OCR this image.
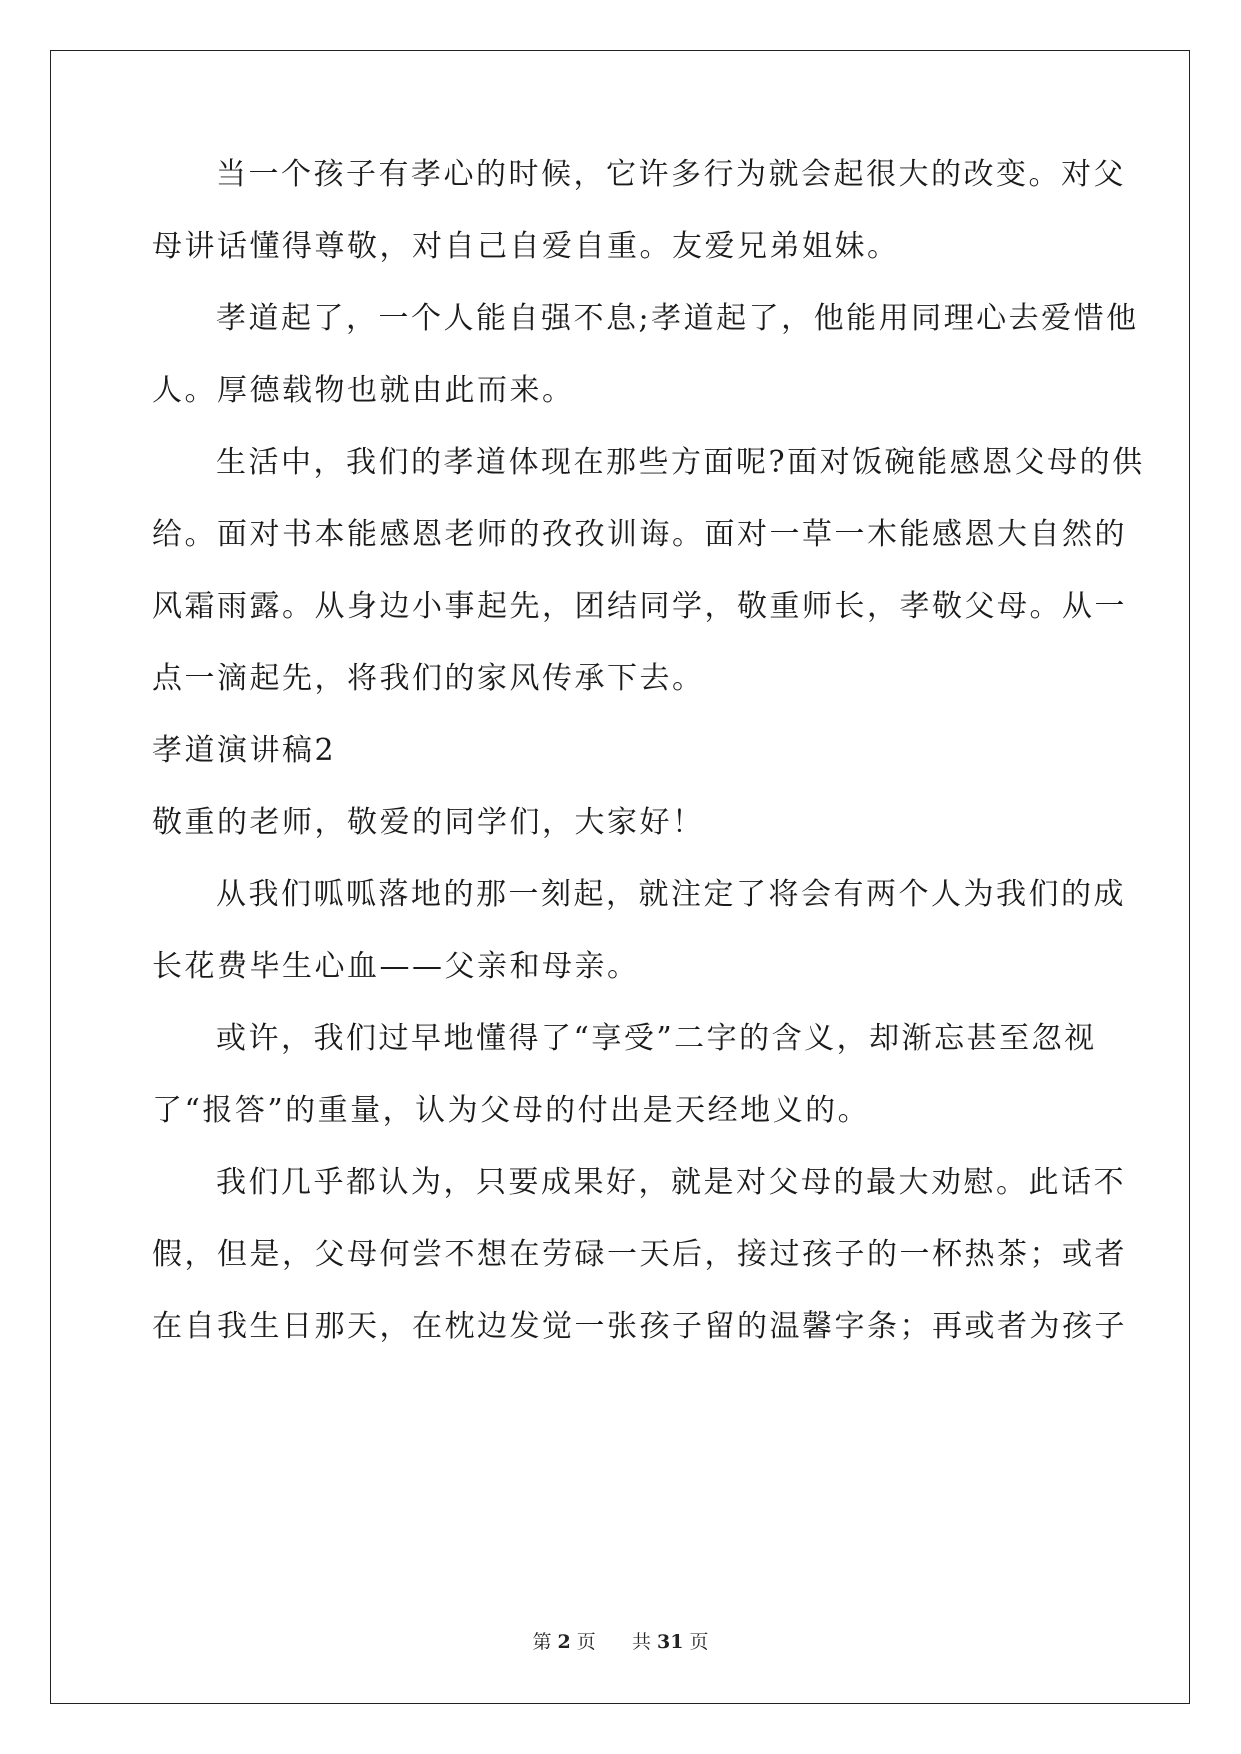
当一个孩子有孝心的时候，它许多行为就会起很大的改变。对父
母讲话懂得尊敬，对自己自爱自重。友爱兄弟姐妹。
孝道起了，一个人能自强不息;孝道起了，他能用同理心去爱惜他
人。厚德载物也就由此而来。
生活中，我们的孝道体现在那些方面呢?面对饭碗能感恩父母的供
给。面对书本能感恩老师的孜孜训诲。面对一草一木能感恩大自然的
风霜雨露。从身边小事起先，团结同学，敬重师长，孝敬父母。从一
点一滴起先，将我们的家风传承下去。
孝道演讲稿2
敬重的老师，敬爱的同学们，大家好！
从我们呱呱落地的那一刻起，就注定了将会有两个人为我们的成
长花费毕生心血——父亲和母亲。
或许，我们过早地懂得了“享受”二字的含义，却渐忘甚至忽视
了“报答”的重量，认为父母的付出是天经地义的。
我们几乎都认为，只要成果好，就是对父母的最大劝慰。此话不
假，但是，父母何尝不想在劳碌一天后，接过孩子的一杯热茶；或者
在自我生日那天，在枕边发觉一张孩子留的温馨字条；再或者为孩子
第 2 页 共 31 页
